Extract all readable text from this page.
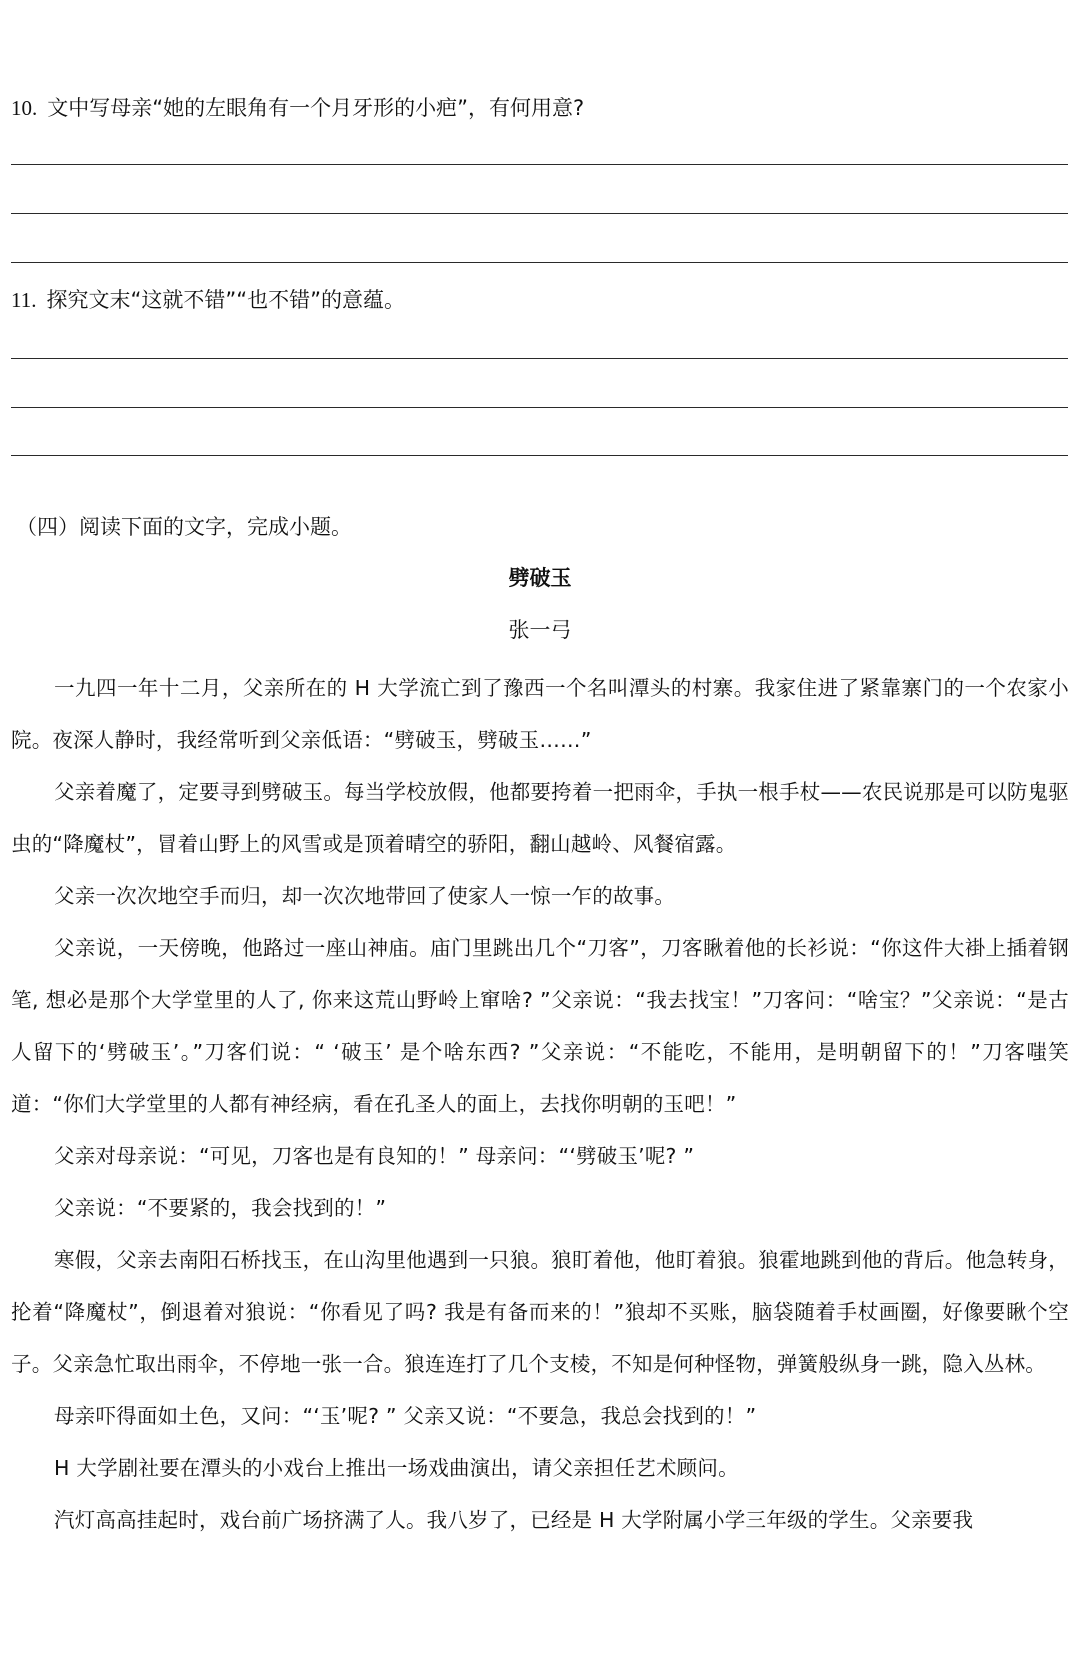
10. 文中写母亲“她的左眼角有一个月牙形的小疤”，有何用意?
11. 探究文末“这就不错”“也不错”的意蕴。
（四）阅读下面的文字，完成小题。
劈破玉
张一弓

一九四一年十二月，父亲所在的 H 大学流亡到了豫西一个名叫潭头的村寨。我家住进了紧靠寨门的一个农家小院。夜深人静时，我经常听到父亲低语：“劈破玉，劈破玉……”

父亲着魔了，定要寻到劈破玉。每当学校放假，他都要挎着一把雨伞，手执一根手杖——农民说那是可以防鬼驱虫的“降魔杖”，冒着山野上的风雪或是顶着晴空的骄阳，翻山越岭、风餐宿露。

父亲一次次地空手而归，却一次次地带回了使家人一惊一乍的故事。

父亲说，一天傍晚，他路过一座山神庙。庙门里跳出几个“刀客”，刀客瞅着他的长衫说：“你这件大褂上插着钢笔, 想必是那个大学堂里的人了, 你来这荒山野岭上窜啥? ”父亲说：“我去找宝！”刀客问：“啥宝？”父亲说：“是古人留下的‘劈破玉’。”刀客们说：“ ‘破玉’ 是个啥东西? ”父亲说：“不能吃，不能用，是明朝留下的！”刀客嗤笑道：“你们大学堂里的人都有神经病，看在孔圣人的面上，去找你明朝的玉吧！”

父亲对母亲说：“可见，刀客也是有良知的！” 母亲问：“‘劈破玉’呢? ”

父亲说：“不要紧的，我会找到的！”

寒假，父亲去南阳石桥找玉，在山沟里他遇到一只狼。狼盯着他，他盯着狼。狼霍地跳到他的背后。他急转身，抡着“降魔杖”，倒退着对狼说：“你看见了吗? 我是有备而来的！”狼却不买账，脑袋随着手杖画圈，好像要瞅个空子。父亲急忙取出雨伞，不停地一张一合。狼连连打了几个支棱，不知是何种怪物，弹簧般纵身一跳，隐入丛林。

母亲吓得面如土色，又问：“‘玉’呢? ” 父亲又说：“不要急，我总会找到的！”

H 大学剧社要在潭头的小戏台上推出一场戏曲演出，请父亲担任艺术顾问。

汽灯高高挂起时，戏台前广场挤满了人。我八岁了，已经是 H 大学附属小学三年级的学生。父亲要我
